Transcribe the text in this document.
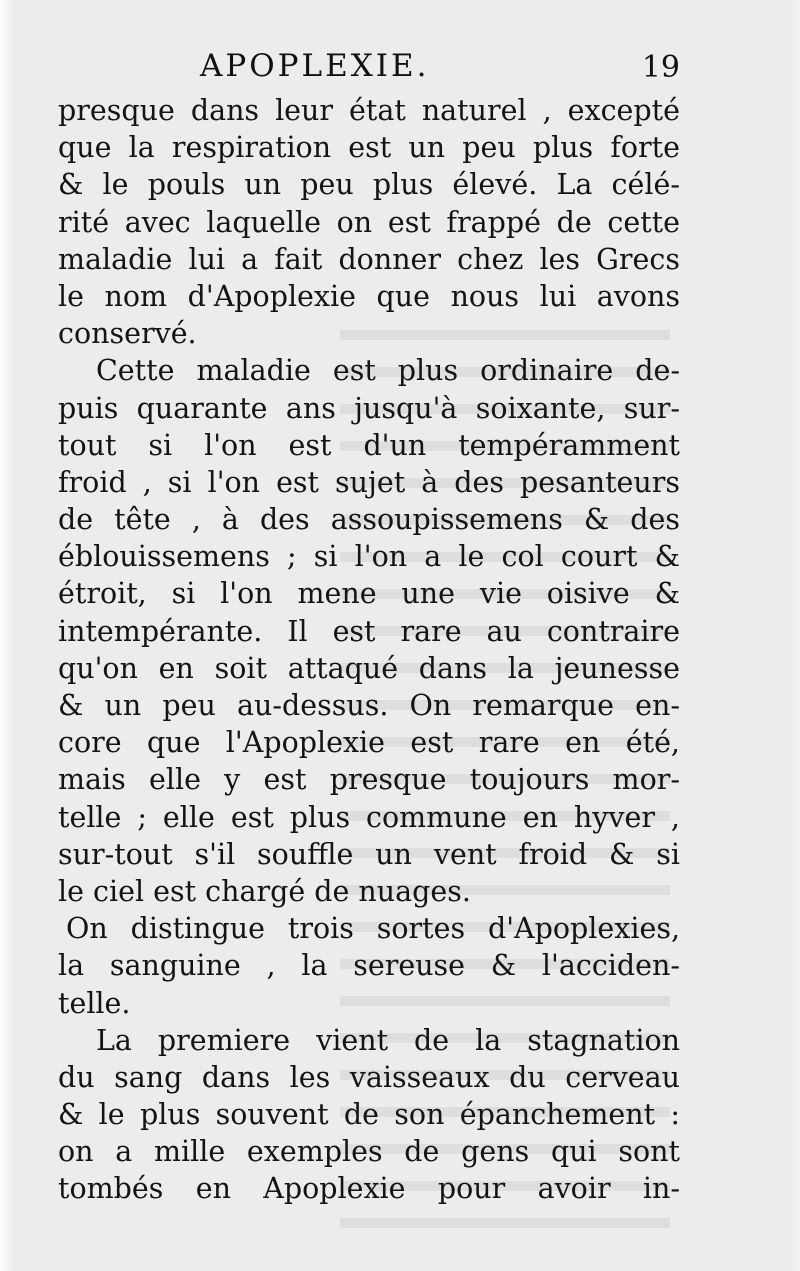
APOPLEXIE.	19
presque dans leur état naturel , excepté
que la respiration est un peu plus forte
& le pouls un peu plus élevé. La célé-
rité avec laquelle on est frappé de cette
maladie lui a fait donner chez les Grecs
le nom d'Apoplexie que nous lui avons
conservé.
Cette maladie est plus ordinaire de-
puis quarante ans jusqu'à soixante, sur-
tout si l'on est d'un tempéramment
froid , si l'on est sujet à des pesanteurs
de tête , à des assoupissemens & des
éblouissemens ; si l'on a le col court &
étroit, si l'on mene une vie oisive &
intempérante. Il est rare au contraire
qu'on en soit attaqué dans la jeunesse
& un peu au-dessus. On remarque en-
core que l'Apoplexie est rare en été,
mais elle y est presque toujours mor-
telle ; elle est plus commune en hyver ,
sur-tout s'il souffle un vent froid & si
le ciel est chargé de nuages.
On distingue trois sortes d'Apoplexies,
la sanguine , la sereuse & l'acciden-
telle.
La premiere vient de la stagnation
du sang dans les vaisseaux du cerveau
& le plus souvent de son épanchement :
on a mille exemples de gens qui sont
tombés en Apoplexie pour avoir in-
